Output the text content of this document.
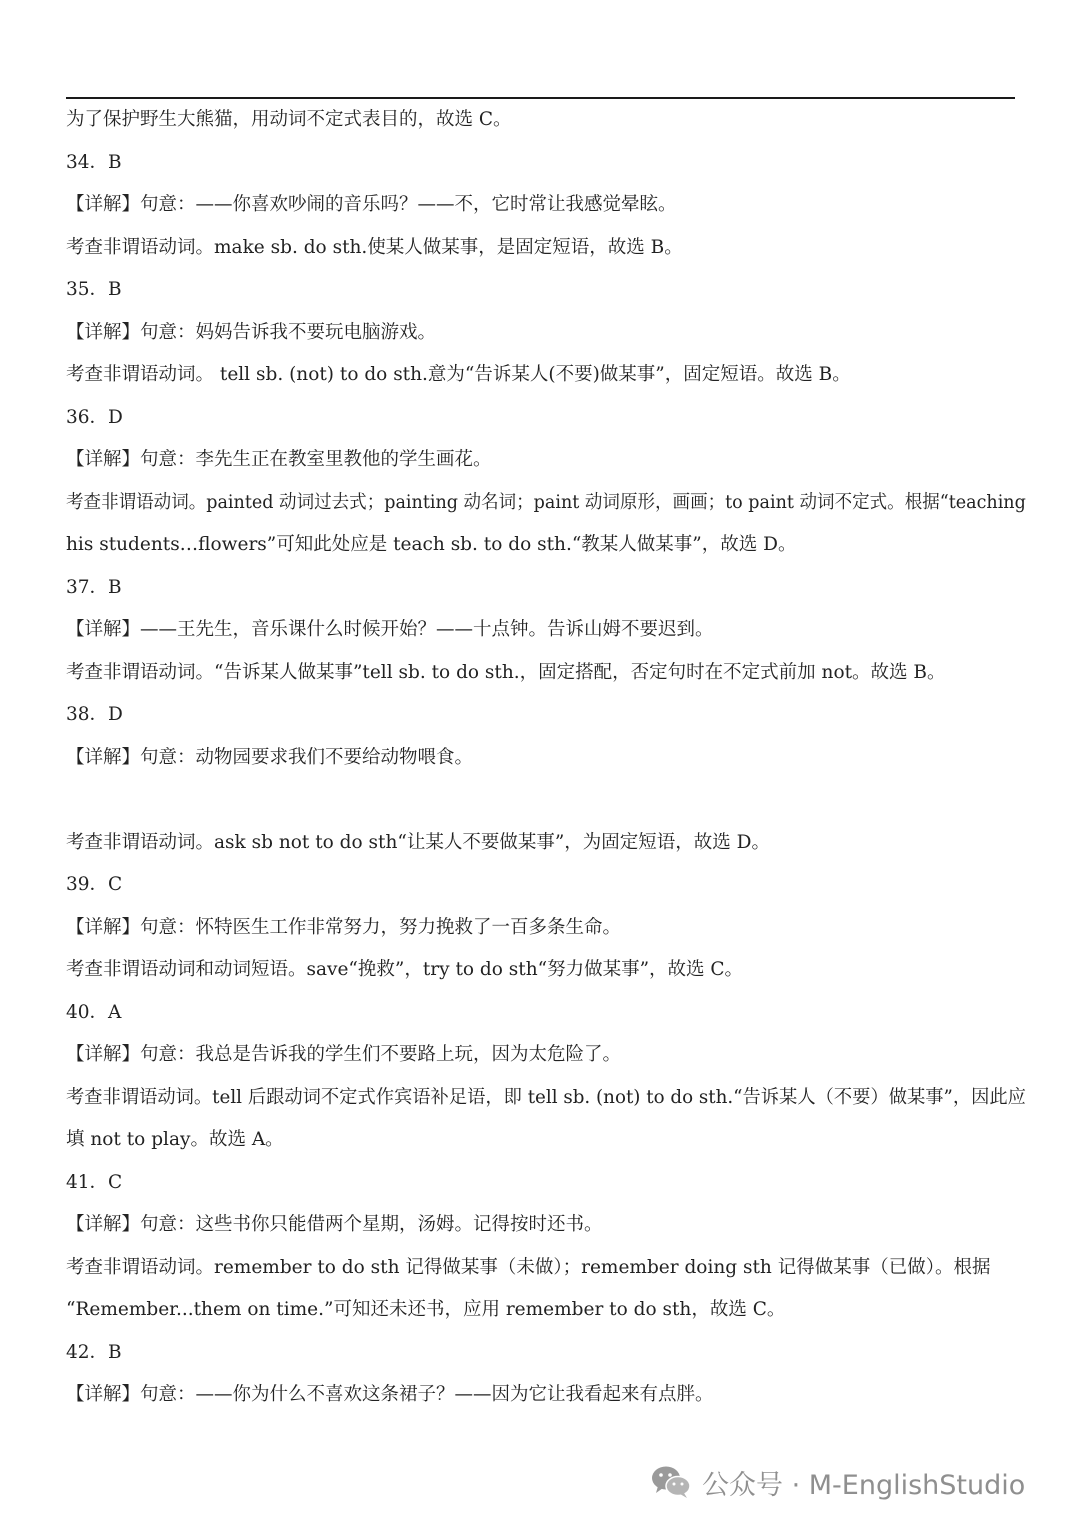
为了保护野生大熊猫，用动词不定式表目的，故选 C。
34．B
【详解】句意：——你喜欢吵闹的音乐吗？——不，它时常让我感觉晕眩。
考查非谓语动词。make sb. do sth.使某人做某事，是固定短语，故选 B。
35．B
【详解】句意：妈妈告诉我不要玩电脑游戏。
考查非谓语动词。 tell sb. (not) to do sth.意为“告诉某人(不要)做某事”，固定短语。故选 B。
36．D
【详解】句意：李先生正在教室里教他的学生画花。
考查非谓语动词。painted 动词过去式；painting 动名词；paint 动词原形，画画；to paint 动词不定式。根据“teaching
his students…flowers”可知此处应是 teach sb. to do sth.“教某人做某事”，故选 D。
37．B
【详解】——王先生，音乐课什么时候开始？——十点钟。告诉山姆不要迟到。
考查非谓语动词。“告诉某人做某事”tell sb. to do sth.，固定搭配，否定句时在不定式前加 not。故选 B。
38．D
【详解】句意：动物园要求我们不要给动物喂食。
考查非谓语动词。ask sb not to do sth“让某人不要做某事”，为固定短语，故选 D。
39．C
【详解】句意：怀特医生工作非常努力，努力挽救了一百多条生命。
考查非谓语动词和动词短语。save“挽救”，try to do sth“努力做某事”，故选 C。
40．A
【详解】句意：我总是告诉我的学生们不要路上玩，因为太危险了。
考查非谓语动词。tell 后跟动词不定式作宾语补足语，即 tell sb. (not) to do sth.“告诉某人（不要）做某事”，因此应
填 not to play。故选 A。
41．C
【详解】句意：这些书你只能借两个星期，汤姆。记得按时还书。
考查非谓语动词。remember to do sth 记得做某事（未做）；remember doing sth 记得做某事（已做）。根据
“Remember...them on time.”可知还未还书，应用 remember to do sth，故选 C。
42．B
【详解】句意：——你为什么不喜欢这条裙子？——因为它让我看起来有点胖。
公众号 · M-EnglishStudio
